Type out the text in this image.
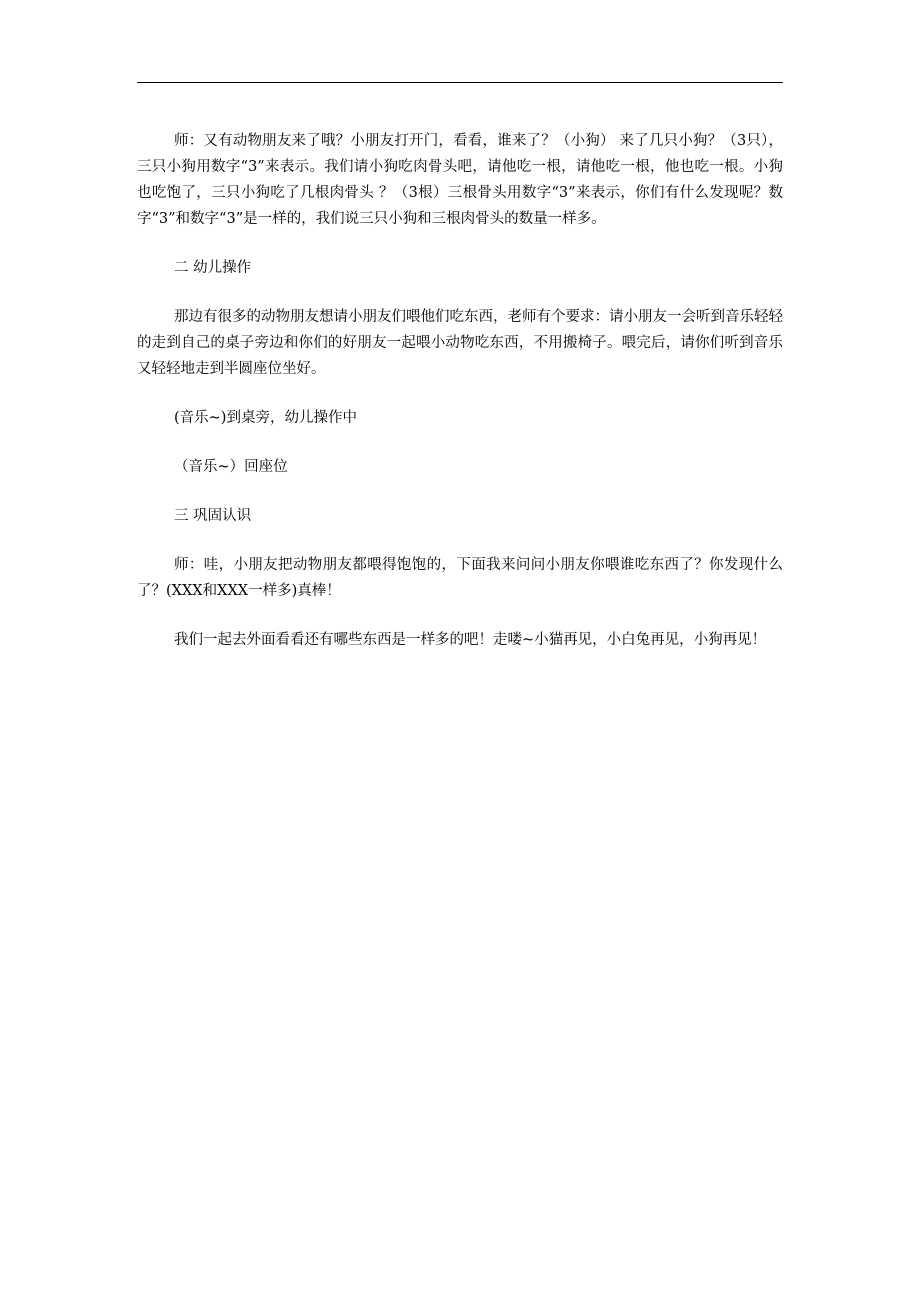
师：又有动物朋友来了哦？小朋友打开门，看看，谁来了？（小狗） 来了几只小狗？（3只），三只小狗用数字“3”来表示。我们请小狗吃肉骨头吧，请他吃一根，请他吃一根，他也吃一根。小狗也吃饱了，三只小狗吃了几根肉骨头 ？（3根）三根骨头用数字“3”来表示，你们有什么发现呢？数字“3”和数字“3”是一样的，我们说三只小狗和三根肉骨头的数量一样多。

二 幼儿操作

那边有很多的动物朋友想请小朋友们喂他们吃东西，老师有个要求：请小朋友一会听到音乐轻轻的走到自己的桌子旁边和你们的好朋友一起喂小动物吃东西，不用搬椅子。喂完后，请你们听到音乐又轻轻地走到半圆座位坐好。

(音乐~)到桌旁，幼儿操作中

（音乐~）回座位

三 巩固认识

师：哇，小朋友把动物朋友都喂得饱饱的，下面我来问问小朋友你喂谁吃东西了？你发现什么了？(XXX和XXX一样多)真棒！

我们一起去外面看看还有哪些东西是一样多的吧！走喽~小猫再见，小白兔再见，小狗再见！
